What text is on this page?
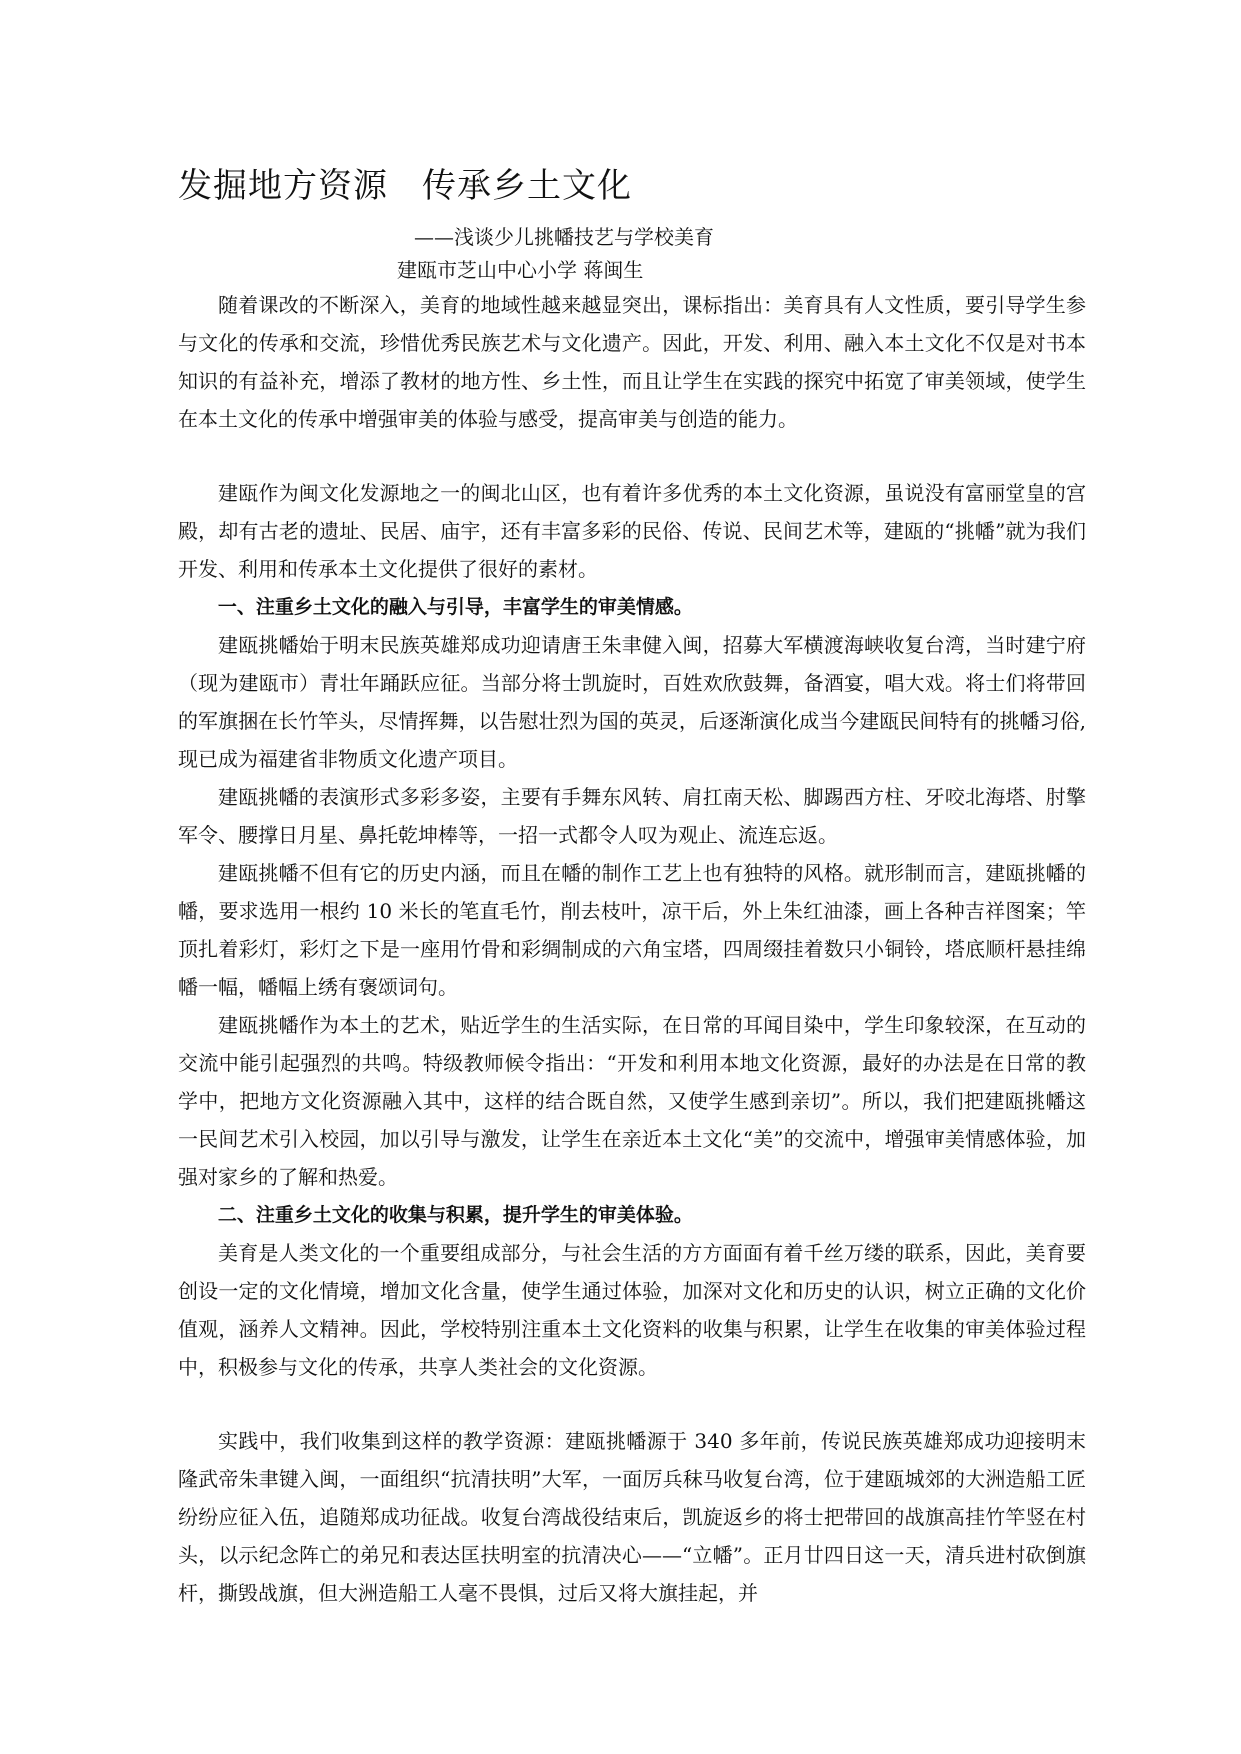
发掘地方资源 传承乡土文化

——浅谈少儿挑幡技艺与学校美育

建瓯市芝山中心小学 蒋闽生

随着课改的不断深入，美育的地域性越来越显突出，课标指出：美育具有人文性质，要引导学生参与文化的传承和交流，珍惜优秀民族艺术与文化遗产。因此，开发、利用、融入本土文化不仅是对书本知识的有益补充，增添了教材的地方性、乡土性，而且让学生在实践的探究中拓宽了审美领域，使学生在本土文化的传承中增强审美的体验与感受，提高审美与创造的能力。

建瓯作为闽文化发源地之一的闽北山区，也有着许多优秀的本土文化资源，虽说没有富丽堂皇的宫殿，却有古老的遗址、民居、庙宇，还有丰富多彩的民俗、传说、民间艺术等，建瓯的“挑幡”就为我们开发、利用和传承本土文化提供了很好的素材。

一、注重乡土文化的融入与引导，丰富学生的审美情感。

建瓯挑幡始于明末民族英雄郑成功迎请唐王朱聿健入闽，招募大军横渡海峡收复台湾，当时建宁府（现为建瓯市）青壮年踊跃应征。当部分将士凯旋时，百姓欢欣鼓舞，备酒宴，唱大戏。将士们将带回的军旗捆在长竹竿头，尽情挥舞，以告慰壮烈为国的英灵，后逐渐演化成当今建瓯民间特有的挑幡习俗,现已成为福建省非物质文化遗产项目。

建瓯挑幡的表演形式多彩多姿，主要有手舞东风转、肩扛南天松、脚踢西方柱、牙咬北海塔、肘擎军令、腰撑日月星、鼻托乾坤棒等，一招一式都令人叹为观止、流连忘返。

建瓯挑幡不但有它的历史内涵，而且在幡的制作工艺上也有独特的风格。就形制而言，建瓯挑幡的幡，要求选用一根约 10 米长的笔直毛竹，削去枝叶，凉干后，外上朱红油漆，画上各种吉祥图案；竿顶扎着彩灯，彩灯之下是一座用竹骨和彩绸制成的六角宝塔，四周缀挂着数只小铜铃，塔底顺杆悬挂绵幡一幅，幡幅上绣有褒颂词句。

建瓯挑幡作为本土的艺术，贴近学生的生活实际，在日常的耳闻目染中，学生印象较深，在互动的交流中能引起强烈的共鸣。特级教师候令指出：“开发和利用本地文化资源，最好的办法是在日常的教学中，把地方文化资源融入其中，这样的结合既自然，又使学生感到亲切”。所以，我们把建瓯挑幡这一民间艺术引入校园，加以引导与激发，让学生在亲近本土文化“美”的交流中，增强审美情感体验，加强对家乡的了解和热爱。

二、注重乡土文化的收集与积累，提升学生的审美体验。

美育是人类文化的一个重要组成部分，与社会生活的方方面面有着千丝万缕的联系，因此，美育要创设一定的文化情境，增加文化含量，使学生通过体验，加深对文化和历史的认识，树立正确的文化价值观，涵养人文精神。因此，学校特别注重本土文化资料的收集与积累，让学生在收集的审美体验过程中，积极参与文化的传承，共享人类社会的文化资源。

实践中，我们收集到这样的教学资源：建瓯挑幡源于 340 多年前，传说民族英雄郑成功迎接明末隆武帝朱聿键入闽，一面组织“抗清扶明”大军，一面厉兵秣马收复台湾，位于建瓯城郊的大洲造船工匠纷纷应征入伍，追随郑成功征战。收复台湾战役结束后，凯旋返乡的将士把带回的战旗高挂竹竿竖在村头，以示纪念阵亡的弟兄和表达匡扶明室的抗清决心——“立幡”。正月廿四日这一天，清兵进村砍倒旗杆，撕毁战旗，但大洲造船工人毫不畏惧，过后又将大旗挂起，并
